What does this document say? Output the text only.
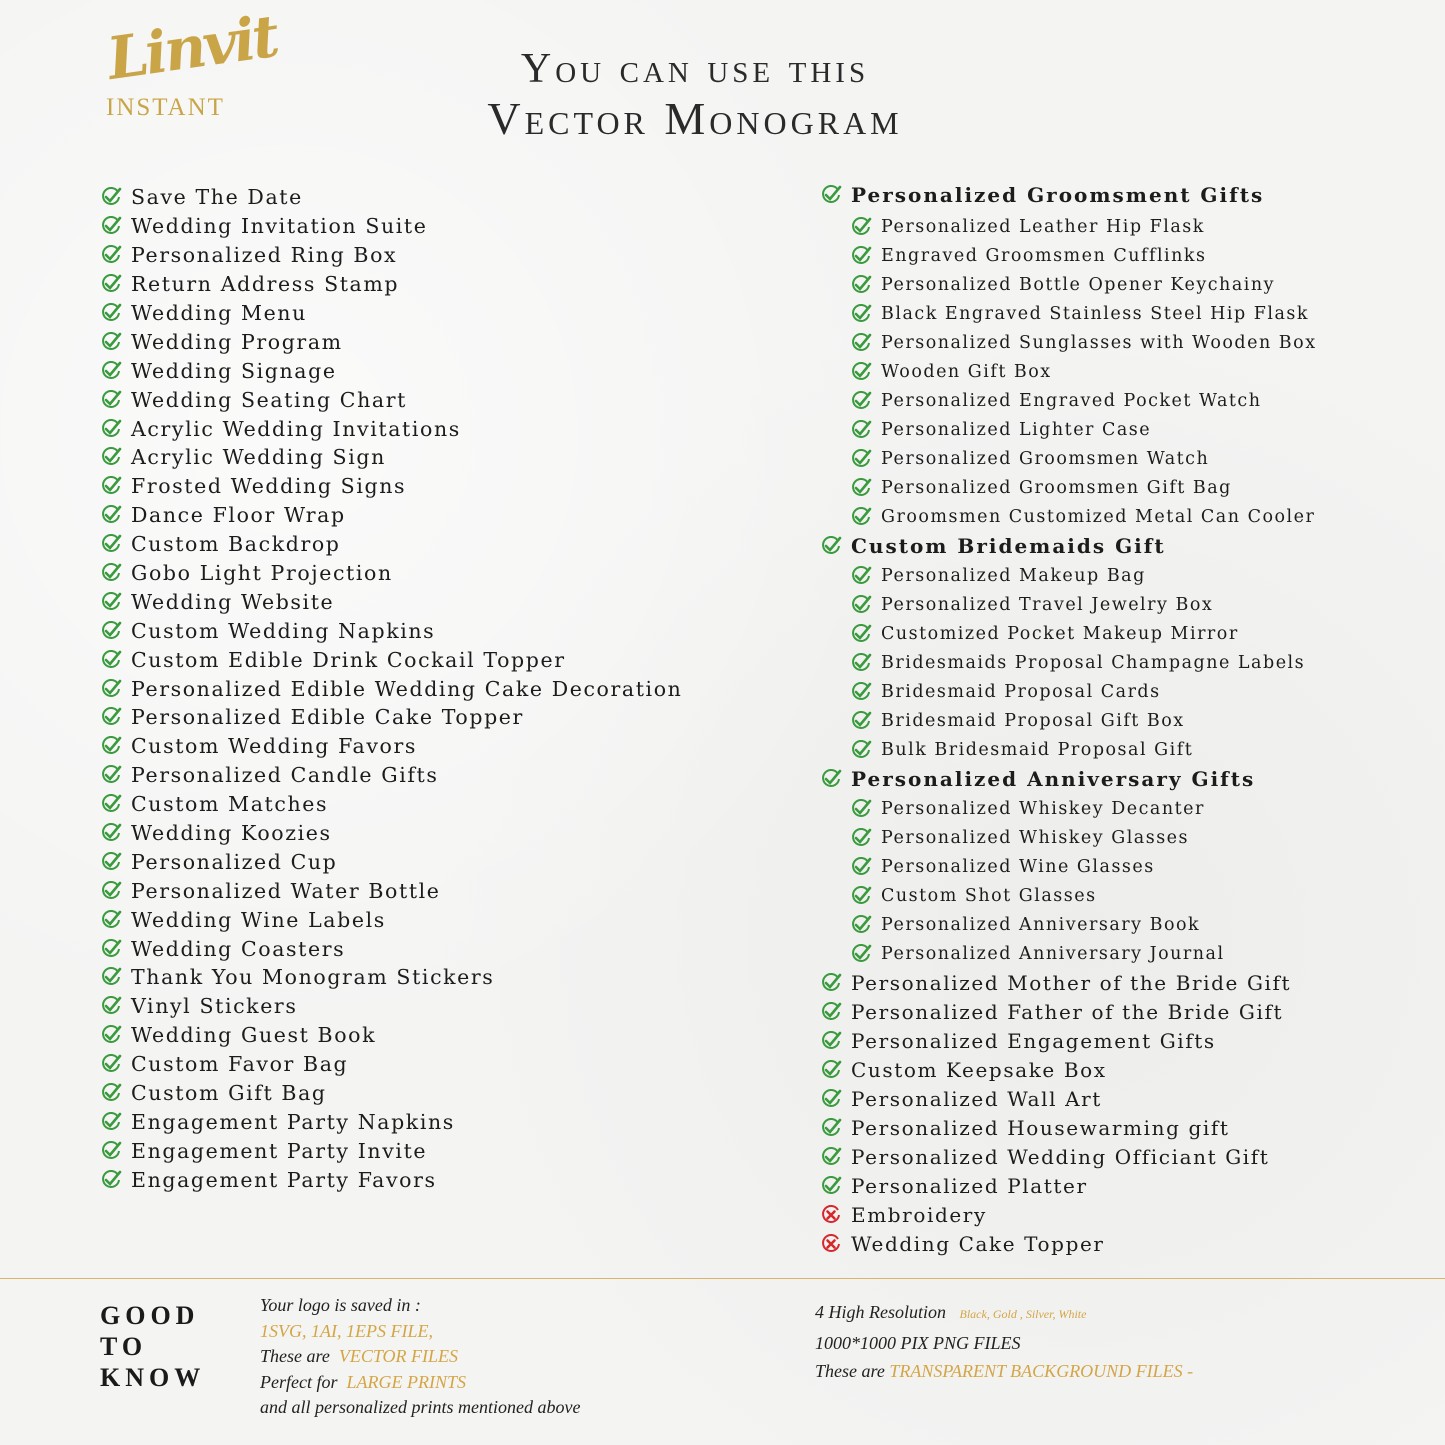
Linvit
INSTANT
You can use this
Vector Monogram
Save The Date
Wedding Invitation Suite
Personalized Ring Box
Return Address Stamp
Wedding Menu
Wedding Program
Wedding Signage
Wedding Seating Chart
Acrylic Wedding Invitations
Acrylic Wedding Sign
Frosted Wedding Signs
Dance Floor Wrap
Custom Backdrop
Gobo Light Projection
Wedding Website
Custom Wedding Napkins
Custom Edible Drink Cockail Topper
Personalized Edible Wedding Cake Decoration
Personalized Edible Cake Topper
Custom Wedding Favors
Personalized Candle Gifts
Custom Matches
Wedding Koozies
Personalized Cup
Personalized Water Bottle
Wedding Wine Labels
Wedding Coasters
Thank You Monogram Stickers
Vinyl Stickers
Wedding Guest Book
Custom Favor Bag
Custom Gift Bag
Engagement Party Napkins
Engagement Party Invite
Engagement Party Favors
Personalized Groomsment Gifts
Personalized Leather Hip Flask
Engraved Groomsmen Cufflinks
Personalized Bottle Opener Keychainy
Black Engraved Stainless Steel Hip Flask
Personalized Sunglasses with Wooden Box
Wooden Gift Box
Personalized Engraved Pocket Watch
Personalized Lighter Case
Personalized Groomsmen Watch
Personalized Groomsmen Gift Bag
Groomsmen Customized Metal Can Cooler
Custom Bridemaids Gift
Personalized Makeup Bag
Personalized Travel Jewelry Box
Customized Pocket Makeup Mirror
Bridesmaids Proposal Champagne Labels
Bridesmaid Proposal Cards
Bridesmaid Proposal Gift Box
Bulk Bridesmaid Proposal Gift
Personalized Anniversary Gifts
Personalized Whiskey Decanter
Personalized Whiskey Glasses
Personalized Wine Glasses
Custom Shot Glasses
Personalized Anniversary Book
Personalized Anniversary Journal
Personalized Mother of the Bride Gift
Personalized Father of the Bride Gift
Personalized Engagement Gifts
Custom Keepsake Box
Personalized Wall Art
Personalized Housewarming gift
Personalized Wedding Officiant Gift
Personalized Platter
Embroidery
Wedding Cake Topper
GOOD
TO
KNOW
Your logo is saved in :
1SVG, 1AI, 1EPS FILE,
These are VECTOR FILES
Perfect for LARGE PRINTS
and all personalized prints mentioned above
4 High Resolution Black, Gold , Silver, White
1000*1000 PIX PNG FILES
These are TRANSPARENT BACKGROUND FILES -
